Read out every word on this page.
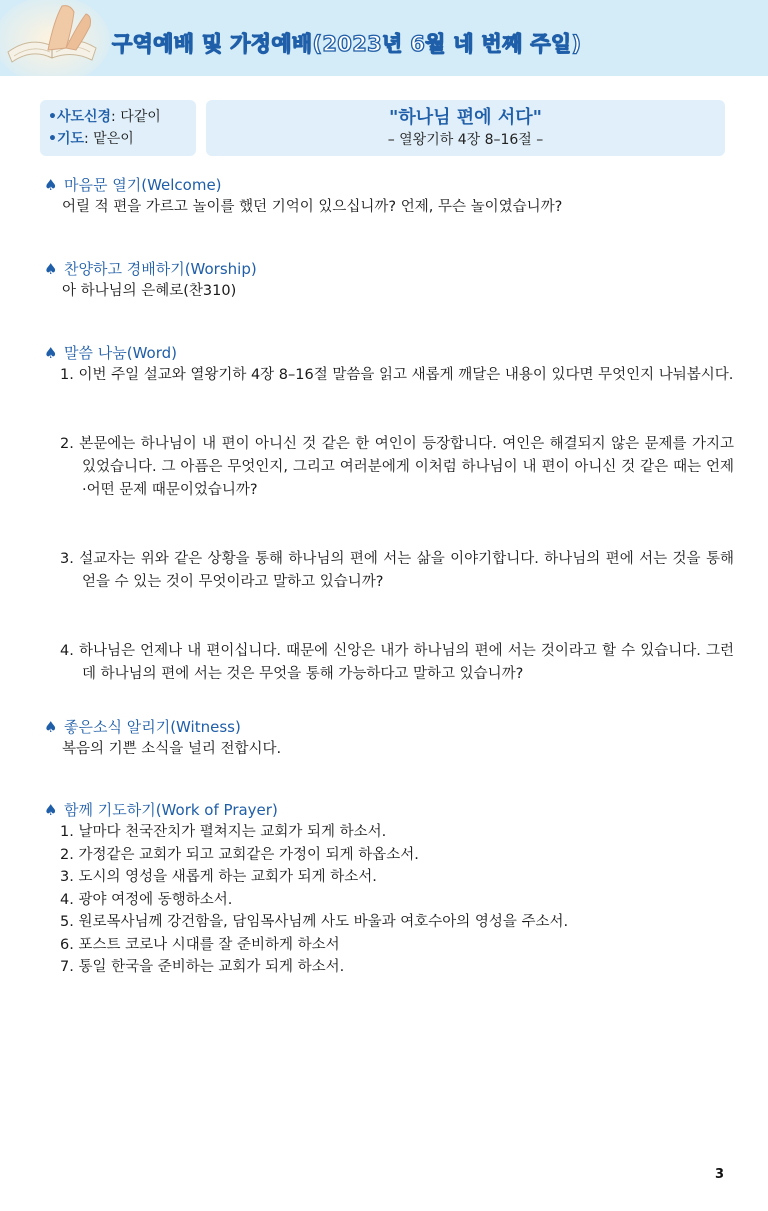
구역예배 및 가정예배(2023년 6월 네 번째 주일)
•사도신경: 다같이
•기도: 맡은이
"하나님 편에 서다"
– 열왕기하 4장 8–16절 –
♠ 마음문 열기(Welcome)
어릴 적 편을 가르고 놀이를 했던 기억이 있으십니까? 언제, 무슨 놀이였습니까?
♠ 찬양하고 경배하기(Worship)
아 하나님의 은혜로(찬310)
♠ 말씀 나눔(Word)
1. 이번 주일 설교와 열왕기하 4장 8–16절 말씀을 읽고 새롭게 깨달은 내용이 있다면 무엇인지 나눠봅시다.
2. 본문에는 하나님이 내 편이 아니신 것 같은 한 여인이 등장합니다. 여인은 해결되지 않은 문제를 가지고 있었습니다. 그 아픔은 무엇인지, 그리고 여러분에게 이처럼 하나님이 내 편이 아니신 것 같은 때는 언제·어떤 문제 때문이었습니까?
3. 설교자는 위와 같은 상황을 통해 하나님의 편에 서는 삶을 이야기합니다. 하나님의 편에 서는 것을 통해 얻을 수 있는 것이 무엇이라고 말하고 있습니까?
4. 하나님은 언제나 내 편이십니다. 때문에 신앙은 내가 하나님의 편에 서는 것이라고 할 수 있습니다. 그런데 하나님의 편에 서는 것은 무엇을 통해 가능하다고 말하고 있습니까?
♠ 좋은소식 알리기(Witness)
복음의 기쁜 소식을 널리 전합시다.
♠ 함께 기도하기(Work of Prayer)
1. 날마다 천국잔치가 펼쳐지는 교회가 되게 하소서.
2. 가정같은 교회가 되고 교회같은 가정이 되게 하옵소서.
3. 도시의 영성을 새롭게 하는 교회가 되게 하소서.
4. 광야 여정에 동행하소서.
5. 원로목사님께 강건함을, 담임목사님께 사도 바울과 여호수아의 영성을 주소서.
6. 포스트 코로나 시대를 잘 준비하게 하소서
7. 통일 한국을 준비하는 교회가 되게 하소서.
3
